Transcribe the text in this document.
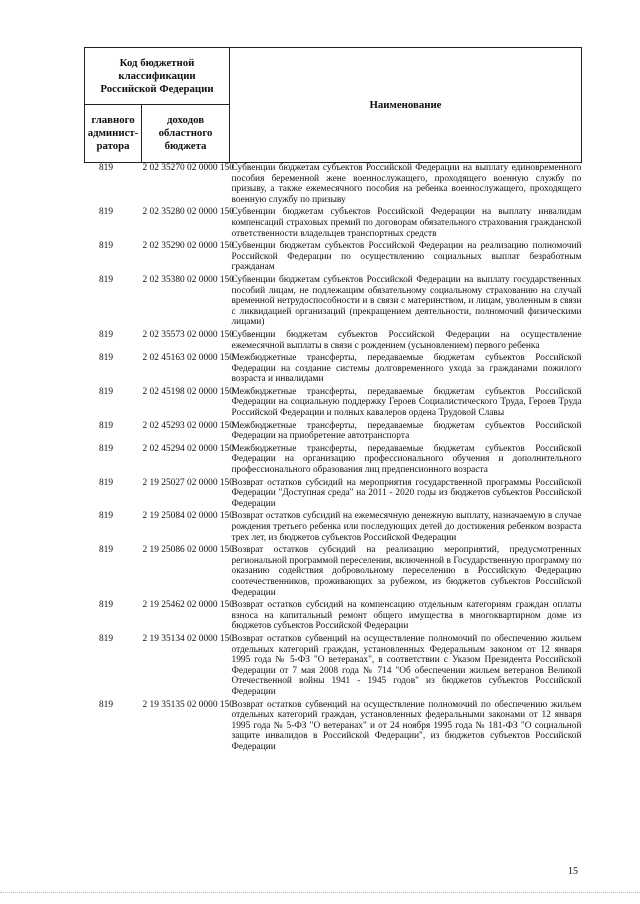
Код бюджетной классификации Российской Федерации		Наименование
главного админист-ратора	доходов областного бюджета	
819	2 02 35270 02 0000 150	Субвенции бюджетам субъектов Российской Федерации на выплату единовременного пособия беременной жене военнослужащего, проходящего военную службу по призыву, а также ежемесячного пособия на ребенка военнослужащего, проходящего военную службу по призыву
819	2 02 35280 02 0000 150	Субвенции бюджетам субъектов Российской Федерации на выплату инвалидам компенсаций страховых премий по договорам обязательного страхования гражданской ответственности владельцев транспортных средств
819	2 02 35290 02 0000 150	Субвенции бюджетам субъектов Российской Федерации на реализацию полномочий Российской Федерации по осуществлению социальных выплат безработным гражданам
819	2 02 35380 02 0000 150	Субвенции бюджетам субъектов Российской Федерации на выплату государственных пособий лицам, не подлежащим обязательному социальному страхованию на случай временной нетрудоспособности и в связи с материнством, и лицам, уволенным в связи с ликвидацией организаций (прекращением деятельности, полномочий физическими лицами)
819	2 02 35573 02 0000 150	Субвенции бюджетам субъектов Российской Федерации на осуществление ежемесячной выплаты в связи с рождением (усыновлением) первого ребенка
819	2 02 45163 02 0000 150	Межбюджетные трансферты, передаваемые бюджетам субъектов Российской Федерации на создание системы долговременного ухода за гражданами пожилого возраста и инвалидами
819	2 02 45198 02 0000 150	Межбюджетные трансферты, передаваемые бюджетам субъектов Российской Федерации на социальную поддержку Героев Социалистического Труда, Героев Труда Российской Федерации и полных кавалеров ордена Трудовой Славы
819	2 02 45293 02 0000 150	Межбюджетные трансферты, передаваемые бюджетам субъектов Российской Федерации на приобретение автотранспорта
819	2 02 45294 02 0000 150	Межбюджетные трансферты, передаваемые бюджетам субъектов Российской Федерации на организацию профессионального обучения и дополнительного профессионального образования лиц предпенсионного возраста
819	2 19 25027 02 0000 150	Возврат остатков субсидий на мероприятия государственной программы Российской Федерации "Доступная среда" на 2011 - 2020 годы из бюджетов субъектов Российской Федерации
819	2 19 25084 02 0000 150	Возврат остатков субсидий на ежемесячную денежную выплату, назначаемую в случае рождения третьего ребенка или последующих детей до достижения ребенком возраста трех лет, из бюджетов субъектов Российской Федерации
819	2 19 25086 02 0000 150	Возврат остатков субсидий на реализацию мероприятий, предусмотренных региональной программой переселения, включенной в Государственную программу по оказанию содействия добровольному переселению в Российскую Федерацию соотечественников, проживающих за рубежом, из бюджетов субъектов Российской Федерации
819	2 19 25462 02 0000 150	Возврат остатков субсидий на компенсацию отдельным категориям граждан оплаты взноса на капитальный ремонт общего имущества в многоквартирном доме из бюджетов субъектов Российской Федерации
819	2 19 35134 02 0000 150	Возврат остатков субвенций на осуществление полномочий по обеспечению жильем отдельных категорий граждан, установленных Федеральным законом от 12 января 1995 года № 5-ФЗ "О ветеранах", в соответствии с Указом Президента Российской Федерации от 7 мая 2008 года № 714 "Об обеспечении жильем ветеранов Великой Отечественной войны 1941 - 1945 годов" из бюджетов субъектов Российской Федерации
819	2 19 35135 02 0000 150	Возврат остатков субвенций на осуществление полномочий по обеспечению жильем отдельных категорий граждан, установленных федеральными законами от 12 января 1995 года № 5-ФЗ "О ветеранах" и от 24 ноября 1995 года № 181-ФЗ "О социальной защите инвалидов в Российской Федерации", из бюджетов субъектов Российской Федерации
15
